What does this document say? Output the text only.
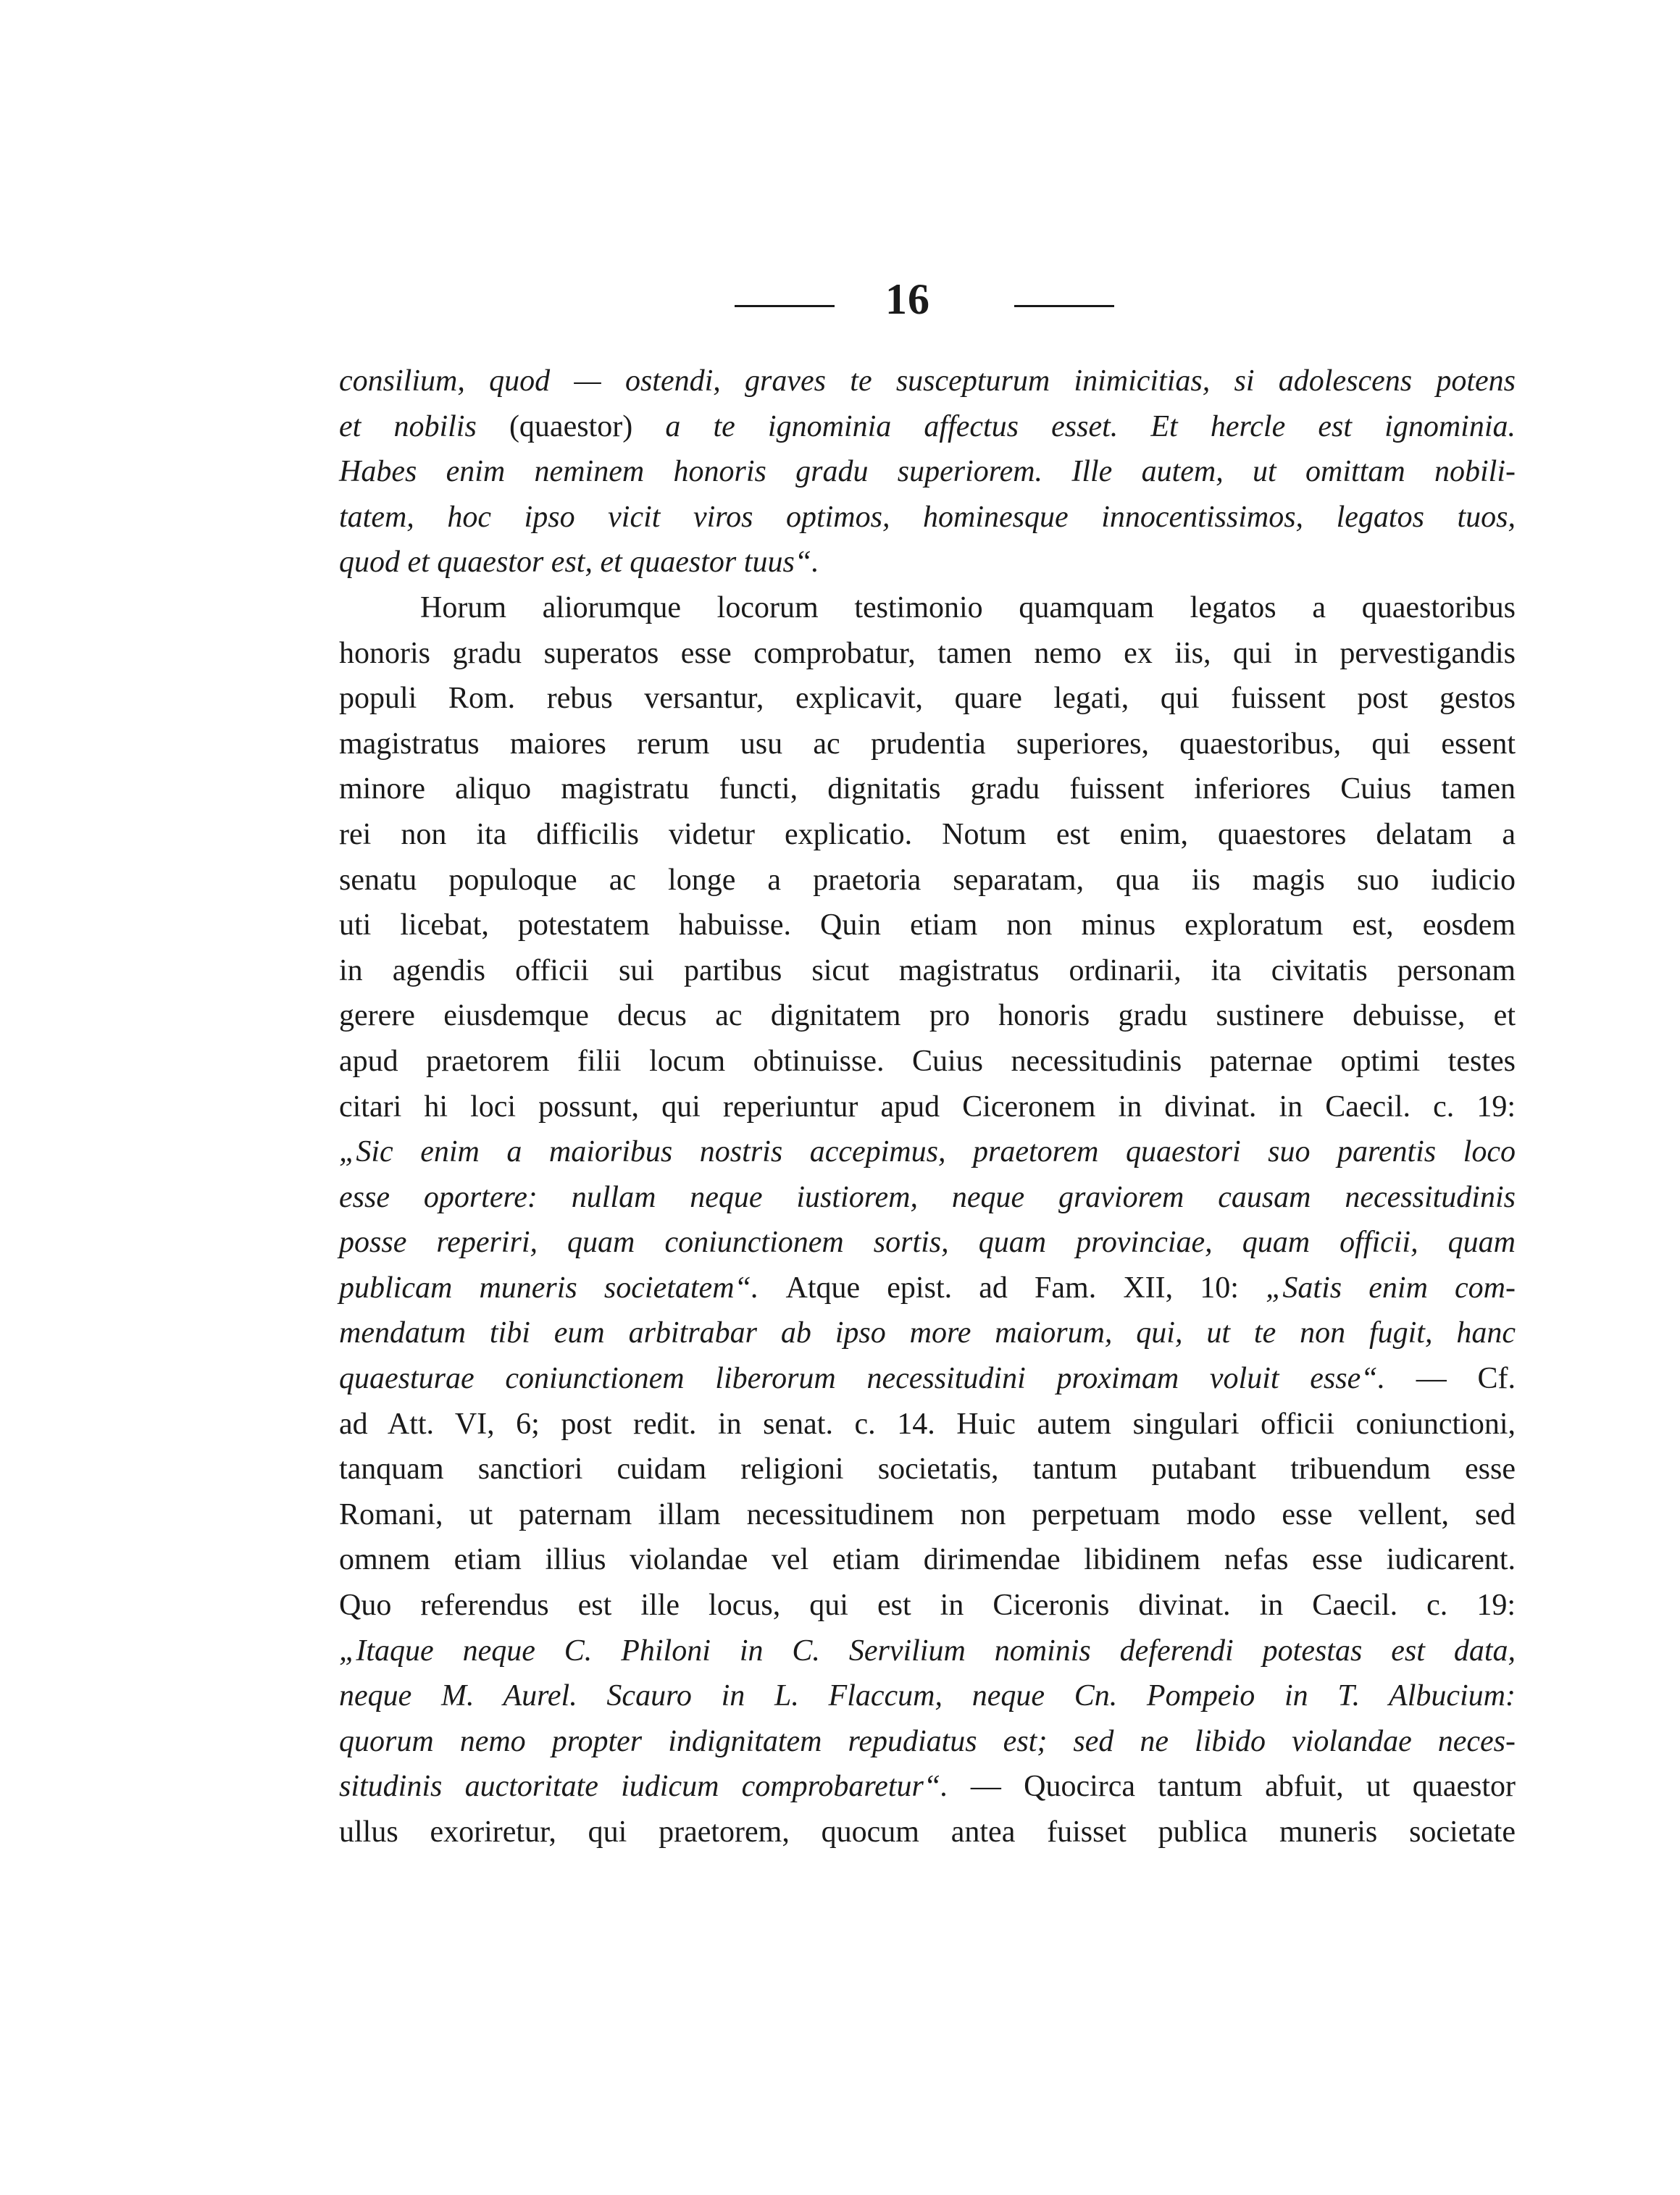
16
consilium, quod — ostendi, graves te suscepturum inimicitias, si adolescens potens
et nobilis (quaestor) a te ignominia affectus esset. Et hercle est ignominia.
Habes enim neminem honoris gradu superiorem. Ille autem, ut omittam nobili-
tatem, hoc ipso vicit viros optimos, hominesque innocentissimos, legatos tuos,
quod et quaestor est, et quaestor tuus“.
Horum aliorumque locorum testimonio quamquam legatos a quaestoribus
honoris gradu superatos esse comprobatur, tamen nemo ex iis, qui in pervestigandis
populi Rom. rebus versantur, explicavit, quare legati, qui fuissent post gestos
magistratus maiores rerum usu ac prudentia superiores, quaestoribus, qui essent
minore aliquo magistratu functi, dignitatis gradu fuissent inferiores Cuius tamen
rei non ita difficilis videtur explicatio. Notum est enim, quaestores delatam a
senatu populoque ac longe a praetoria separatam, qua iis magis suo iudicio
uti licebat, potestatem habuisse. Quin etiam non minus exploratum est, eosdem
in agendis officii sui partibus sicut magistratus ordinarii, ita civitatis personam
gerere eiusdemque decus ac dignitatem pro honoris gradu sustinere debuisse, et
apud praetorem filii locum obtinuisse. Cuius necessitudinis paternae optimi testes
citari hi loci possunt, qui reperiuntur apud Ciceronem in divinat. in Caecil. c. 19:
„Sic enim a maioribus nostris accepimus, praetorem quaestori suo parentis loco
esse oportere: nullam neque iustiorem, neque graviorem causam necessitudinis
posse reperiri, quam coniunctionem sortis, quam provinciae, quam officii, quam
publicam muneris societatem“. Atque epist. ad Fam. XII, 10: „Satis enim com-
mendatum tibi eum arbitrabar ab ipso more maiorum, qui, ut te non fugit, hanc
quaesturae coniunctionem liberorum necessitudini proximam voluit esse“. — Cf.
ad Att. VI, 6; post redit. in senat. c. 14. Huic autem singulari officii coniunctioni,
tanquam sanctiori cuidam religioni societatis, tantum putabant tribuendum esse
Romani, ut paternam illam necessitudinem non perpetuam modo esse vellent, sed
omnem etiam illius violandae vel etiam dirimendae libidinem nefas esse iudicarent.
Quo referendus est ille locus, qui est in Ciceronis divinat. in Caecil. c. 19:
„Itaque neque C. Philoni in C. Servilium nominis deferendi potestas est data,
neque M. Aurel. Scauro in L. Flaccum, neque Cn. Pompeio in T. Albucium:
quorum nemo propter indignitatem repudiatus est; sed ne libido violandae neces-
situdinis auctoritate iudicum comprobaretur“. — Quocirca tantum abfuit, ut quaestor
ullus exoriretur, qui praetorem, quocum antea fuisset publica muneris societate
